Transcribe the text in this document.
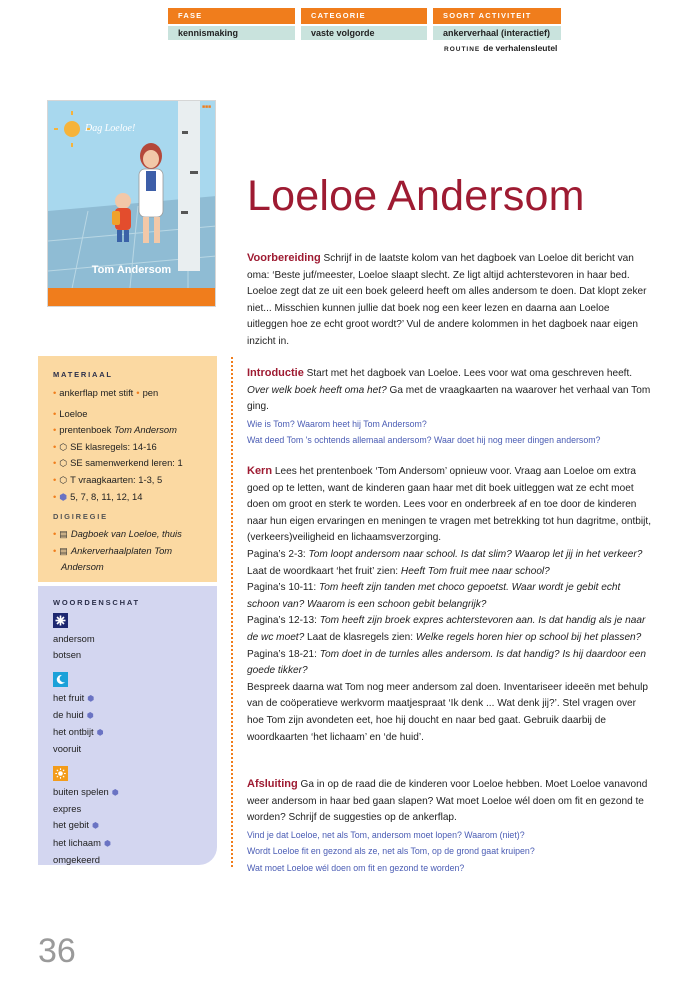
FASE
kennismaking
CATEGORIE
vaste volgorde
SOORT ACTIVITEIT
ankerverhaal (interactief)
ROUTINE de verhalensleutel
■■■
Dag Loeloe!
Tom Andersom
Loeloe Andersom
MATERIAAL
• ankerflap met stift • pen
• Loeloe
• prentenboek Tom Andersom
• ⬡ SE klasregels: 14-16
• ⬡ SE samenwerkend leren: 1
• ⬡ T vraagkaarten: 1-3, 5
• ⬢ 5, 7, 8, 11, 12, 14
DIGIREGIE
• ▤ Dagboek van Loeloe, thuis
• ▤ Ankerverhaalplaten Tom Andersom
WOORDENSCHAT
andersom
botsen
het fruit ⬢
de huid ⬢
het ontbijt ⬢
vooruit
buiten spelen ⬢
expres
het gebit ⬢
het lichaam ⬢
omgekeerd
Voorbereiding Schrijf in de laatste kolom van het dagboek van Loeloe dit bericht van oma: ‘Beste juf/meester, Loeloe slaapt slecht. Ze ligt altijd achterstevoren in haar bed. Loeloe zegt dat ze uit een boek geleerd heeft om alles andersom te doen. Dat klopt zeker niet... Misschien kunnen jullie dat boek nog een keer lezen en daarna aan Loeloe uitleggen hoe ze echt groot wordt?’ Vul de andere kolommen in het dagboek naar eigen inzicht in.
Introductie Start met het dagboek van Loeloe. Lees voor wat oma geschreven heeft. Over welk boek heeft oma het? Ga met de vraagkaarten na waarover het verhaal van Tom ging.
Wie is Tom? Waarom heet hij Tom Andersom?
Wat deed Tom 's ochtends allemaal andersom? Waar doet hij nog meer dingen andersom?
Kern Lees het prentenboek ‘Tom Andersom’ opnieuw voor. Vraag aan Loeloe om extra goed op te letten, want de kinderen gaan haar met dit boek uitleggen wat ze echt moet doen om groot en sterk te worden. Lees voor en onderbreek af en toe door de kinderen naar hun eigen ervaringen en meningen te vragen met betrekking tot hun dagritme, ontbijt, (verkeers)veiligheid en lichaamsverzorging.
Pagina’s 2-3: Tom loopt andersom naar school. Is dat slim? Waarop let jij in het verkeer? Laat de woordkaart ‘het fruit’ zien: Heeft Tom fruit mee naar school?
Pagina’s 10-11: Tom heeft zijn tanden met choco gepoetst. Waar wordt je gebit echt schoon van? Waarom is een schoon gebit belangrijk?
Pagina’s 12-13: Tom heeft zijn broek expres achterstevoren aan. Is dat handig als je naar de wc moet? Laat de klasregels zien: Welke regels horen hier op school bij het plassen?
Pagina’s 18-21: Tom doet in de turnles alles andersom. Is dat handig? Is hij daardoor een goede tikker?
Bespreek daarna wat Tom nog meer andersom zal doen. Inventariseer ideeën met behulp van de coöperatieve werkvorm maatjespraat ‘Ik denk ... Wat denk jij?’. Stel vragen over hoe Tom zijn avondeten eet, hoe hij doucht en naar bed gaat. Gebruik daarbij de woordkaarten ‘het lichaam’ en ‘de huid’.
Afsluiting Ga in op de raad die de kinderen voor Loeloe hebben. Moet Loeloe vanavond weer andersom in haar bed gaan slapen? Wat moet Loeloe wél doen om fit en gezond te worden? Schrijf de suggesties op de ankerflap.
Vind je dat Loeloe, net als Tom, andersom moet lopen? Waarom (niet)?
Wordt Loeloe fit en gezond als ze, net als Tom, op de grond gaat kruipen?
Wat moet Loeloe wél doen om fit en gezond te worden?
36
